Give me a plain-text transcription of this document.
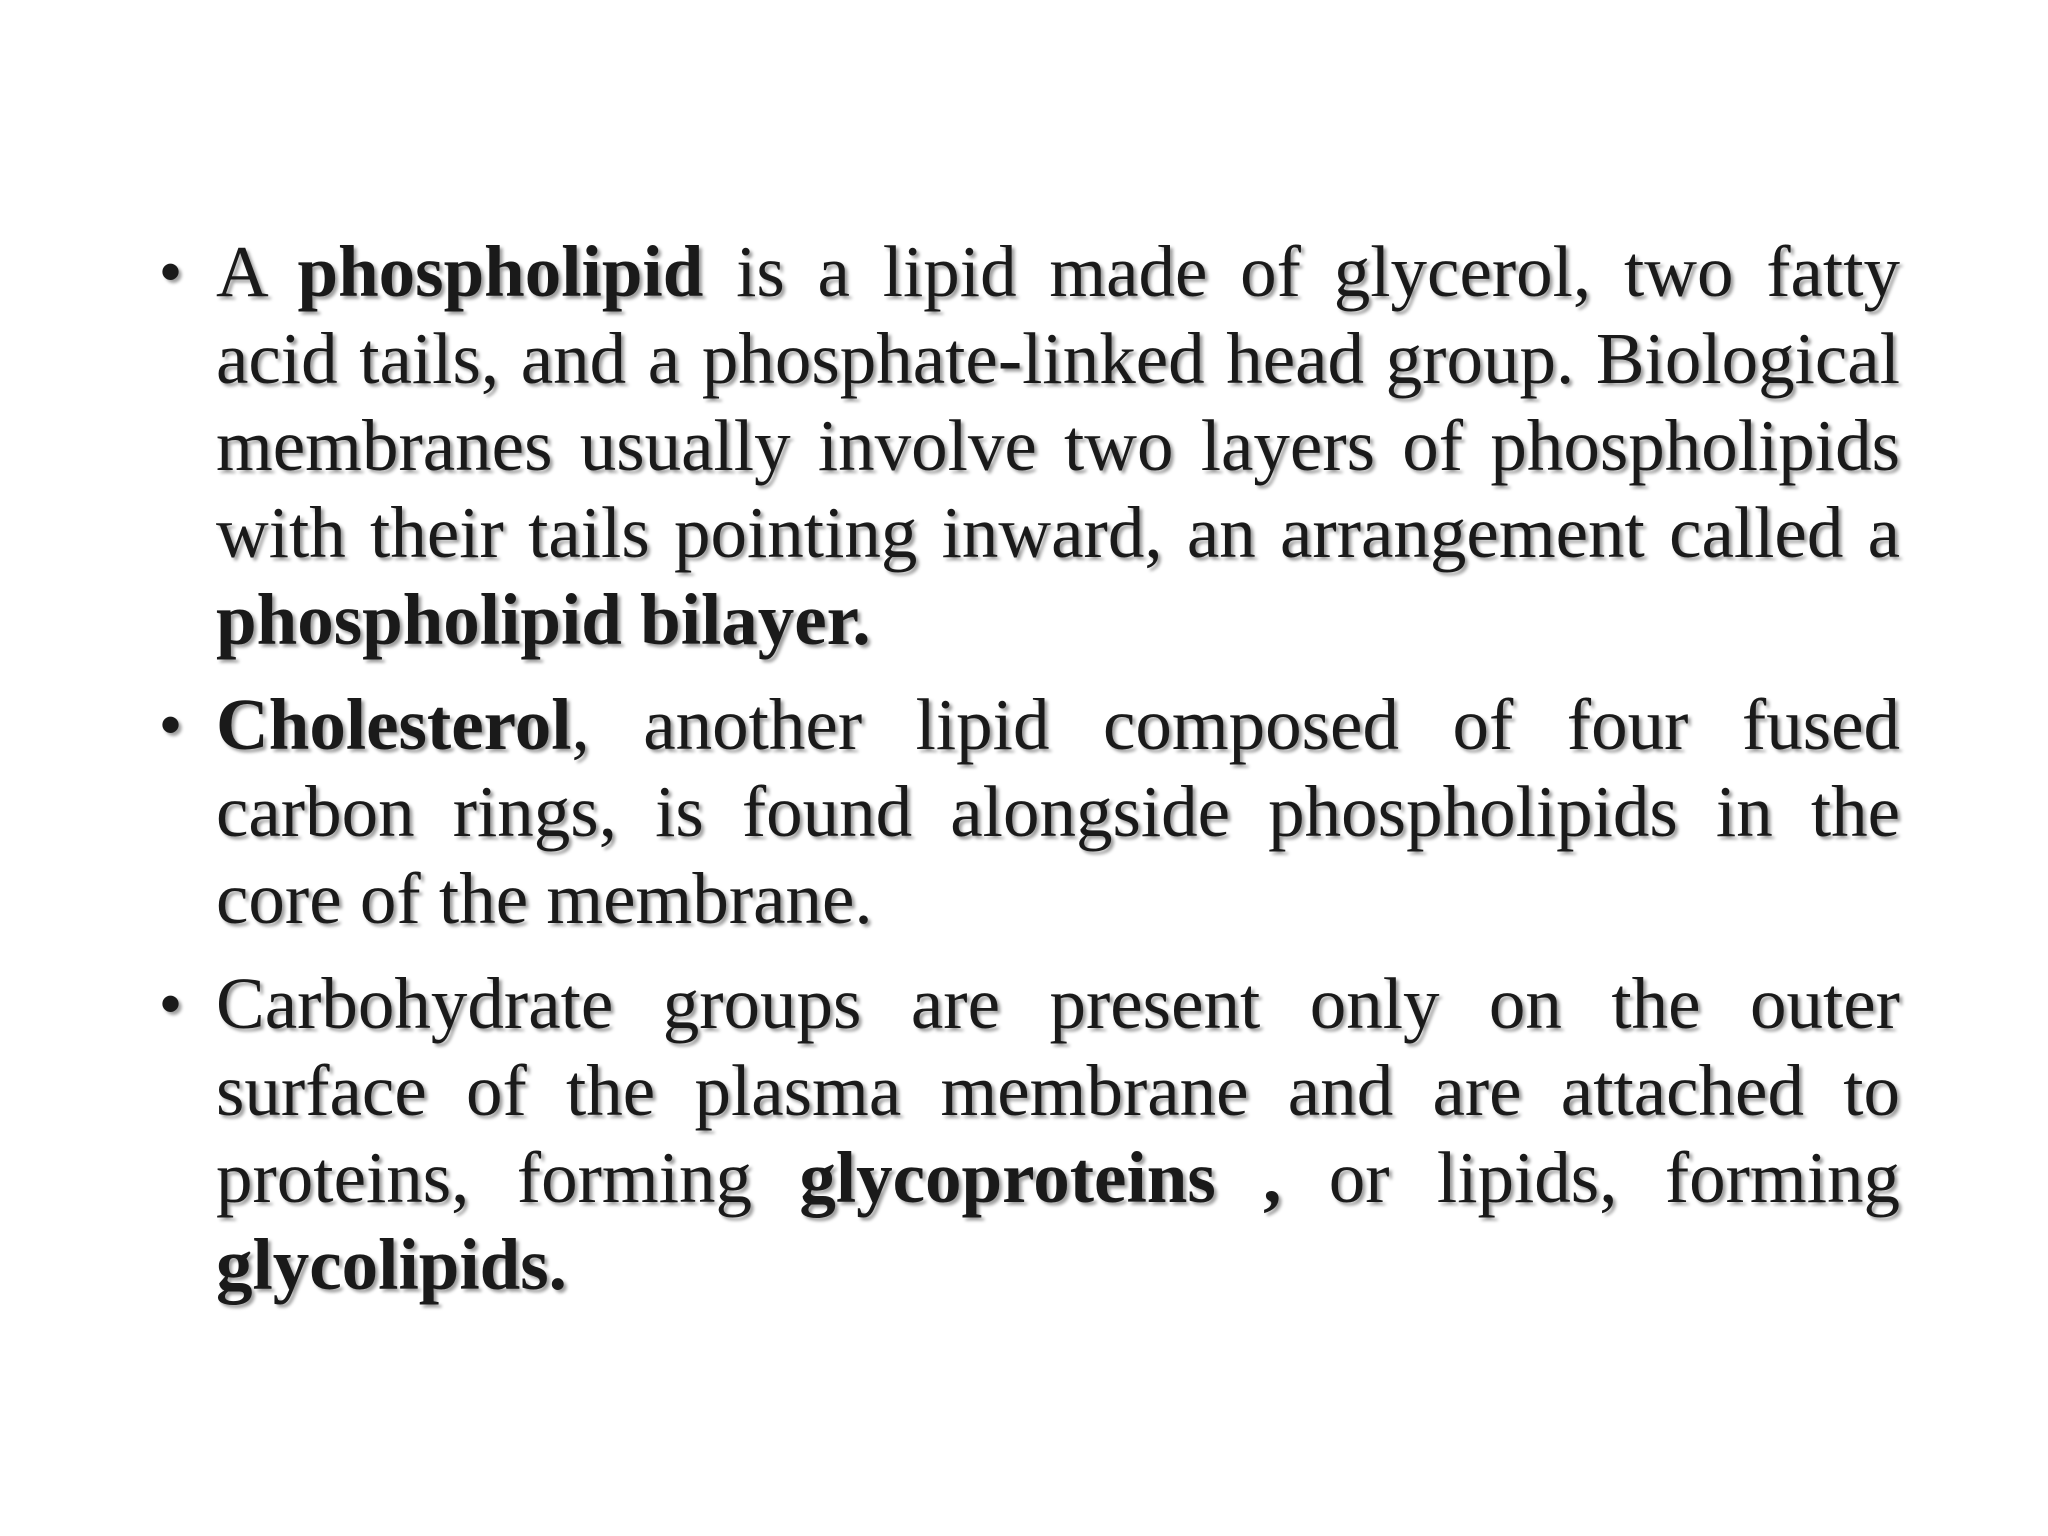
• A phospholipid is a lipid made of glycerol, two fatty acid tails, and a phosphate-linked head group. Biological membranes usually involve two layers of phospholipids with their tails pointing inward, an arrangement called a phospholipid bilayer.
• Cholesterol, another lipid composed of four fused carbon rings, is found alongside phospholipids in the core of the membrane.
• Carbohydrate groups are present only on the outer surface of the plasma membrane and are attached to proteins, forming glycoproteins , or lipids, forming glycolipids.
